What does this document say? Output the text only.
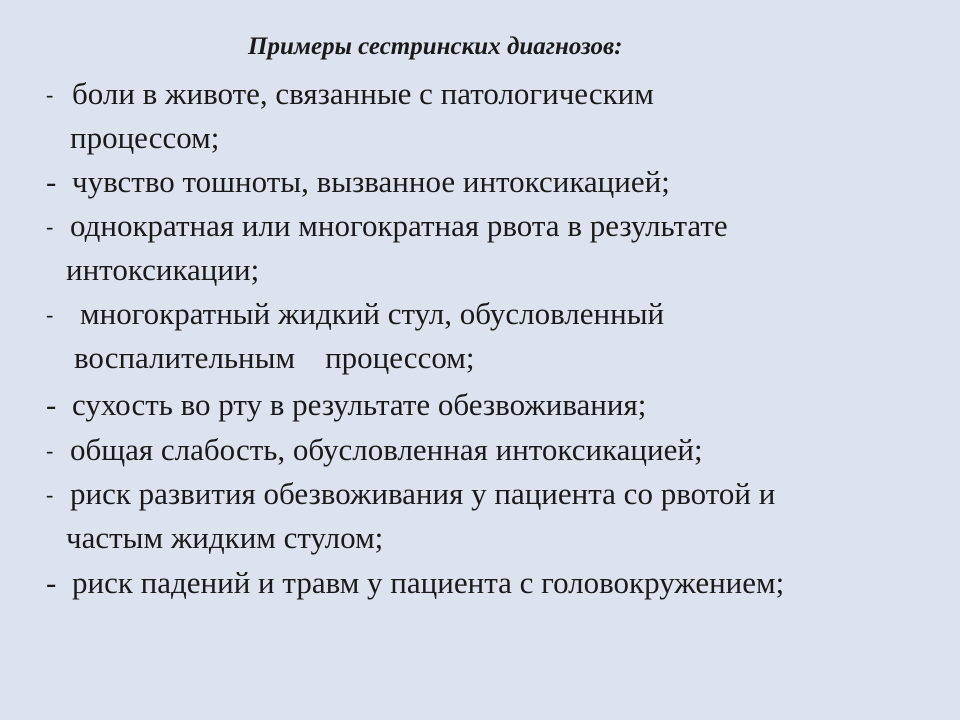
Примеры сестринских диагнозов:
- боли в животе, связанные с патологическим
процессом;
- чувство тошноты, вызванное интоксикацией;
- однократная или многократная рвота в результате
интоксикации;
- многократный жидкий стул, обусловленный
воспалительным процессом;
- сухость во рту в результате обезвоживания;
- общая слабость, обусловленная интоксикацией;
- риск развития обезвоживания у пациента со рвотой и
частым жидким стулом;
- риск падений и травм у пациента с головокружением;
